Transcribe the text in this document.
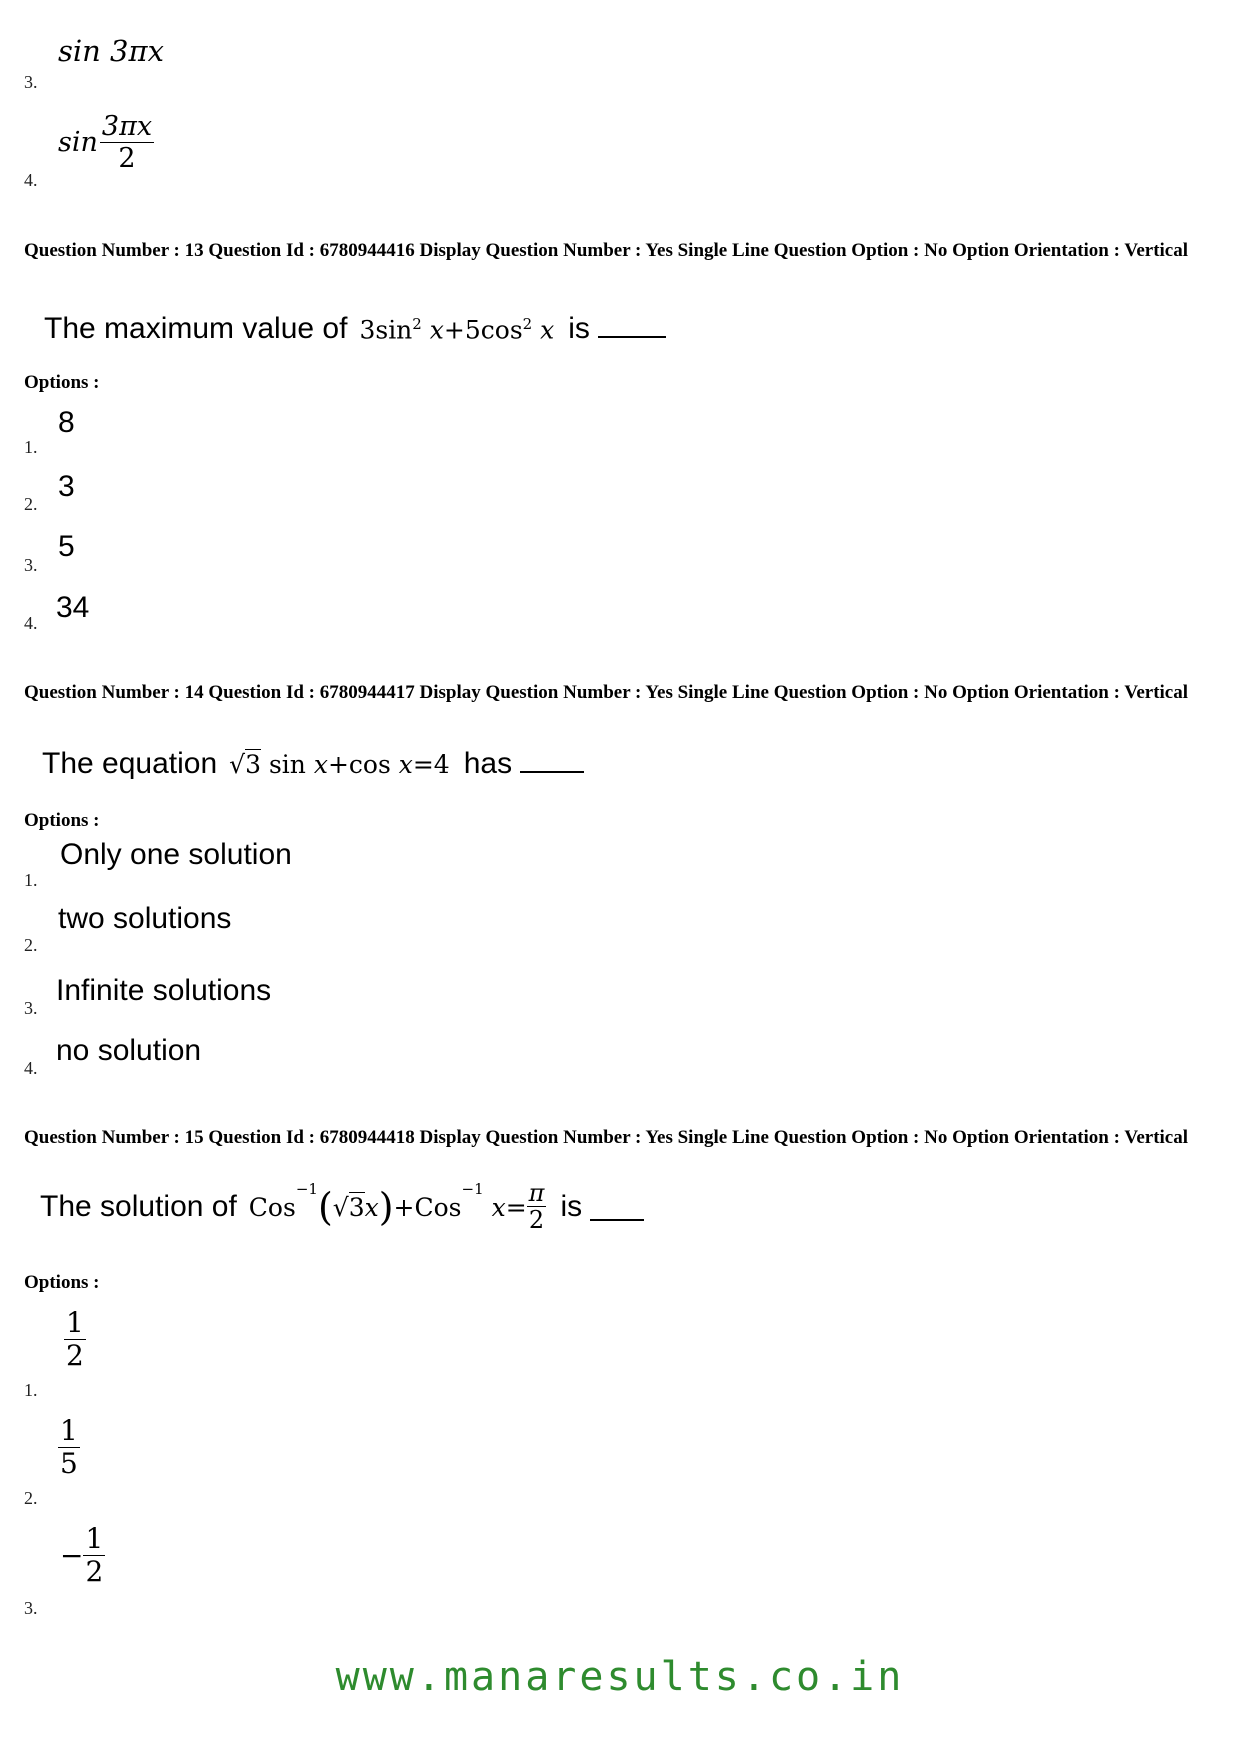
3.
sin 3πx
4.
$\sin \frac{3\pi x}{2}$
Question Number : 13 Question Id : 6780944416 Display Question Number : Yes Single Line Question Option : No Option Orientation : Vertical
The maximum value of $3\sin^2$ $x+5\cos^2$ x is
Options :
1.
8
2.
3
3.
5
4. 34
Question Number : 14 Question Id : 6780944417 Display Question Number : Yes Single Line Question Option : No Option Orientation : Vertical
The equation √3 sin x+cos x=4 has
Options :
1.
Only one solution
2.
two solutions
3.
Infinite solutions
4.
no solution
Question Number : 15 Question Id : 6780944418 Display Question Number : Yes Single Line Question Option : No Option Orientation : Vertical
The solution of Cos
$^{-1}$ ( √ 3 x ) + Cos
$^{-1}$

$x = \frac{\pi}{2}$ is
Options :
1.
$\frac{1}{2}$
2.
$\frac{1}{5}$
3.
− $\frac{1}{2}$
www.manaresults.co.in
